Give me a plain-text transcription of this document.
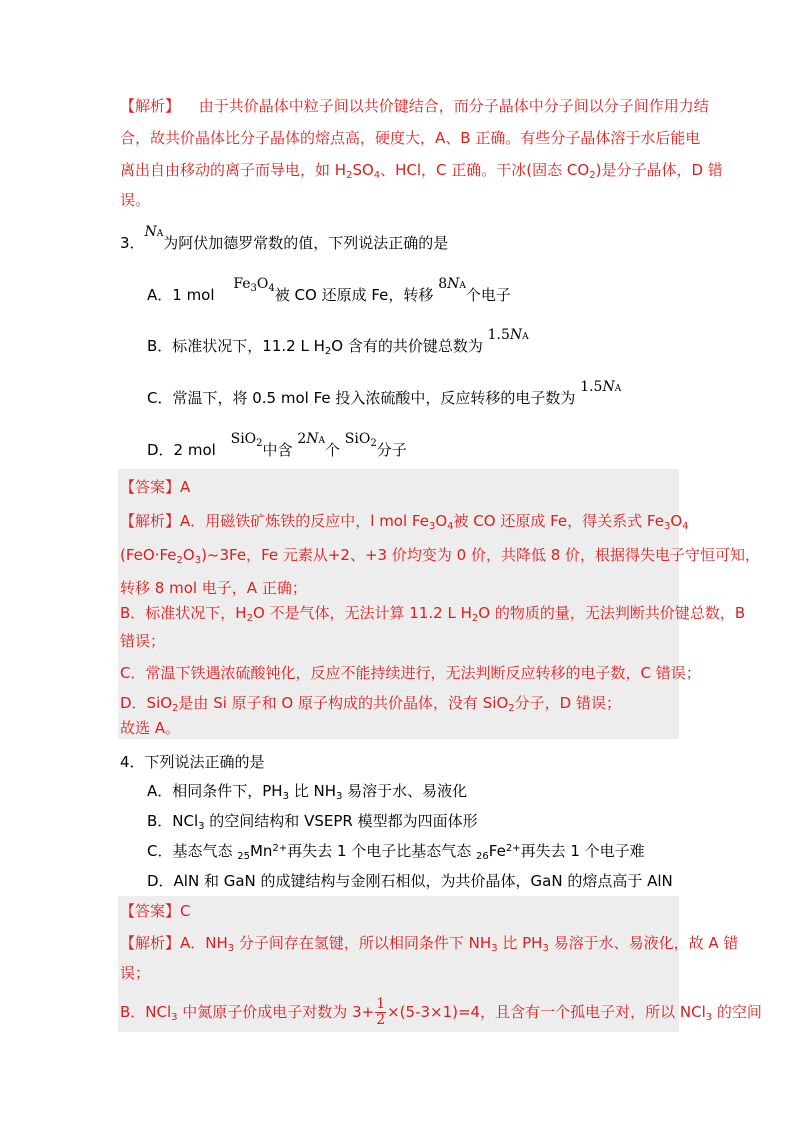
【解析】 由于共价晶体中粒子间以共价键结合，而分子晶体中分子间以分子间作用力结
合，故共价晶体比分子晶体的熔点高，硬度大，A、B 正确。有些分子晶体溶于水后能电
离出自由移动的离子而导电，如 $H_2SO_4$、HCl，C 正确。干冰(固态 $CO_2$)是分子晶体，D 错
误。
3．NA为阿伏加德罗常数的值，下列说法正确的是
A．1 mol $Fe_3O_4$被 CO 还原成 Fe，转移 8NA个电子
B．标准状况下，11.2 L $H_2O$ 含有的共价键总数为 1.5NA
C．常温下，将 0.5 mol Fe 投入浓硫酸中，反应转移的电子数为 1.5NA
D．2 mol SiO$_2$中含 2NA个 SiO$_2$分子
【答案】A
【解析】A．用磁铁矿炼铁的反应中，l mol $Fe_3O_4$被 CO 还原成 Fe，得关系式 $Fe_3O_4$
$(FeO\cdot Fe_2O_3)\sim 3Fe$，Fe 元素从+2、+3 价均变为 0 价，共降低 8 价，根据得失电子守恒可知，
转移 8 mol 电子，A 正确；
B．标准状况下，$H_2O$ 不是气体，无法计算 11.2 L $H_2O$ 的物质的量，无法判断共价键总数，B
错误；
C．常温下铁遇浓硫酸钝化，反应不能持续进行，无法判断反应转移的电子数，C 错误；
D．SiO$_2$是由 Si 原子和 O 原子构成的共价晶体，没有 SiO$_2$分子，D 错误；
故选 A。
4．下列说法正确的是
A．相同条件下，$PH_3$ 比 $NH_3$ 易溶于水、易液化
B．NCl$_3$ 的空间结构和 VSEPR 模型都为四面体形
C．基态气态 $_{25}Mn^{2+}$再失去 1 个电子比基态气态 $_{26}Fe^{2+}$再失去 1 个电子难
D．AlN 和 GaN 的成键结构与金刚石相似，为共价晶体，GaN 的熔点高于 AlN
【答案】C
【解析】A．$NH_3$ 分子间存在氢键，所以相同条件下 $NH_3$ 比 $PH_3$ 易溶于水、易液化，故 A 错
误；
B．NCl$_3$ 中氮原子价成电子对数为 $3+ \frac{1}{2} \times(5-3\times 1)=4$，且含有一个孤电子对，所以 NCl$_3$ 的空间
